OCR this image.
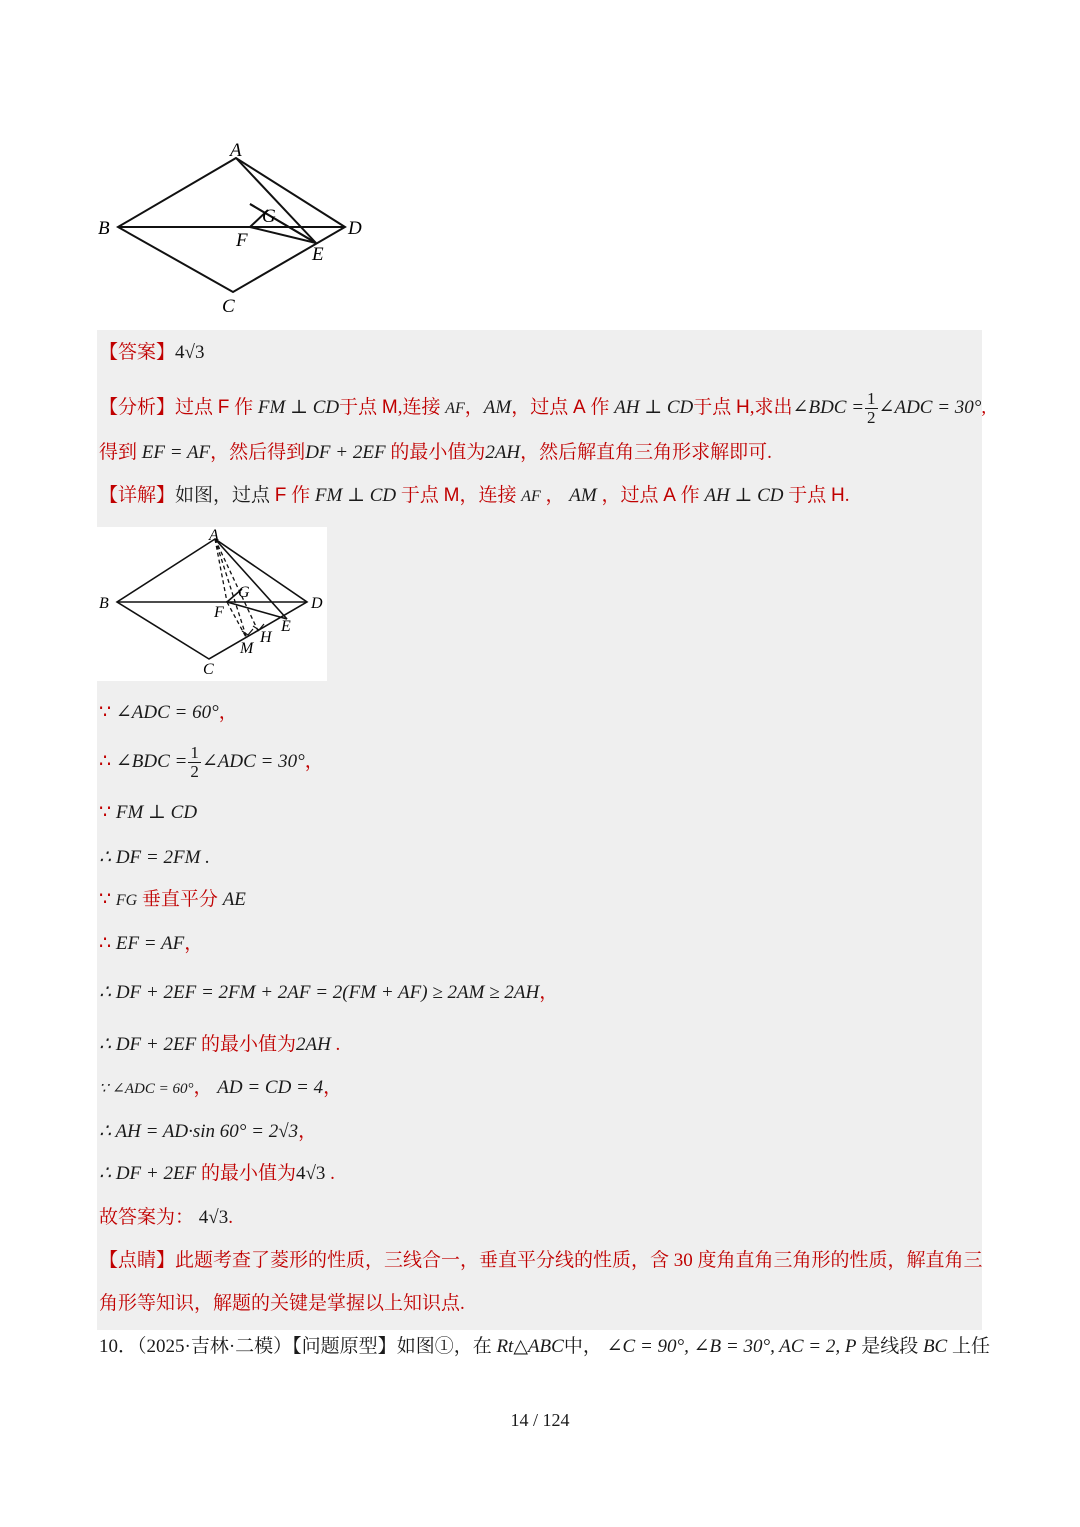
A
B
C
D
E
F
G
【答案】4√3
【分析】过点 F 作 FM ⊥ CD于点 M,连接 AF，AM，过点 A 作 AH ⊥ CD于点 H,求出∠BDC = $\frac{1}{2}$ ∠ADC = 30°,
得到 EF = AF，然后得到DF + 2EF 的最小值为2AH，然后解直角三角形求解即可.
【详解】如图，过点 F 作 FM ⊥ CD 于点 M，连接 AF ， AM ，过点 A 作 AH ⊥ CD 于点 H.
A
B
C
D
E
F
G
H
M
∵ ∠ADC = 60°，
∴ ∠BDC = $\frac{1}{2}$ ∠ADC = 30°，
∵ FM ⊥ CD
∴ DF = 2FM .
∵ FG 垂直平分 AE
∴ EF = AF，
∴ DF + 2EF = 2FM + 2AF = 2(FM + AF) ≥ 2AM ≥ 2AH，
∴ DF + 2EF 的最小值为2AH .
∵ ∠ADC = 60°， AD = CD = 4，
∴ AH = AD·sin 60° = 2√3，
∴ DF + 2EF 的最小值为4√3 .
故答案为： 4√3.
【点睛】此题考查了菱形的性质，三线合一，垂直平分线的性质，含 30 度角直角三角形的性质，解直角三
角形等知识，解题的关键是掌握以上知识点.
10．（2025·吉林·二模）【问题原型】如图①，在 Rt△ABC中， ∠C = 90°, ∠B = 30°, AC = 2, P 是线段 BC 上任
14 / 124
